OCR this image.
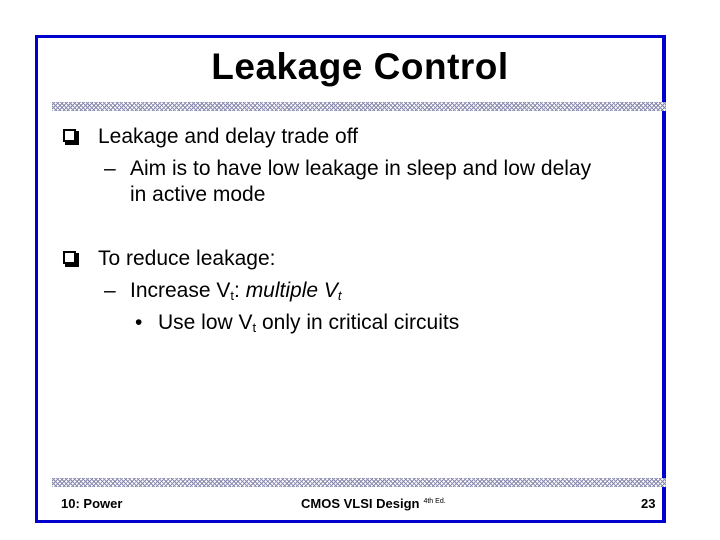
Leakage Control
Leakage and delay trade off
– Aim is to have low leakage in sleep and low delay
in active mode
To reduce leakage:
– Increase $V_t$: multiple $V_t$
• Use low $V_t$ only in critical circuits
10: Power	CMOS VLSI Design $^{4th Ed.}$	23
